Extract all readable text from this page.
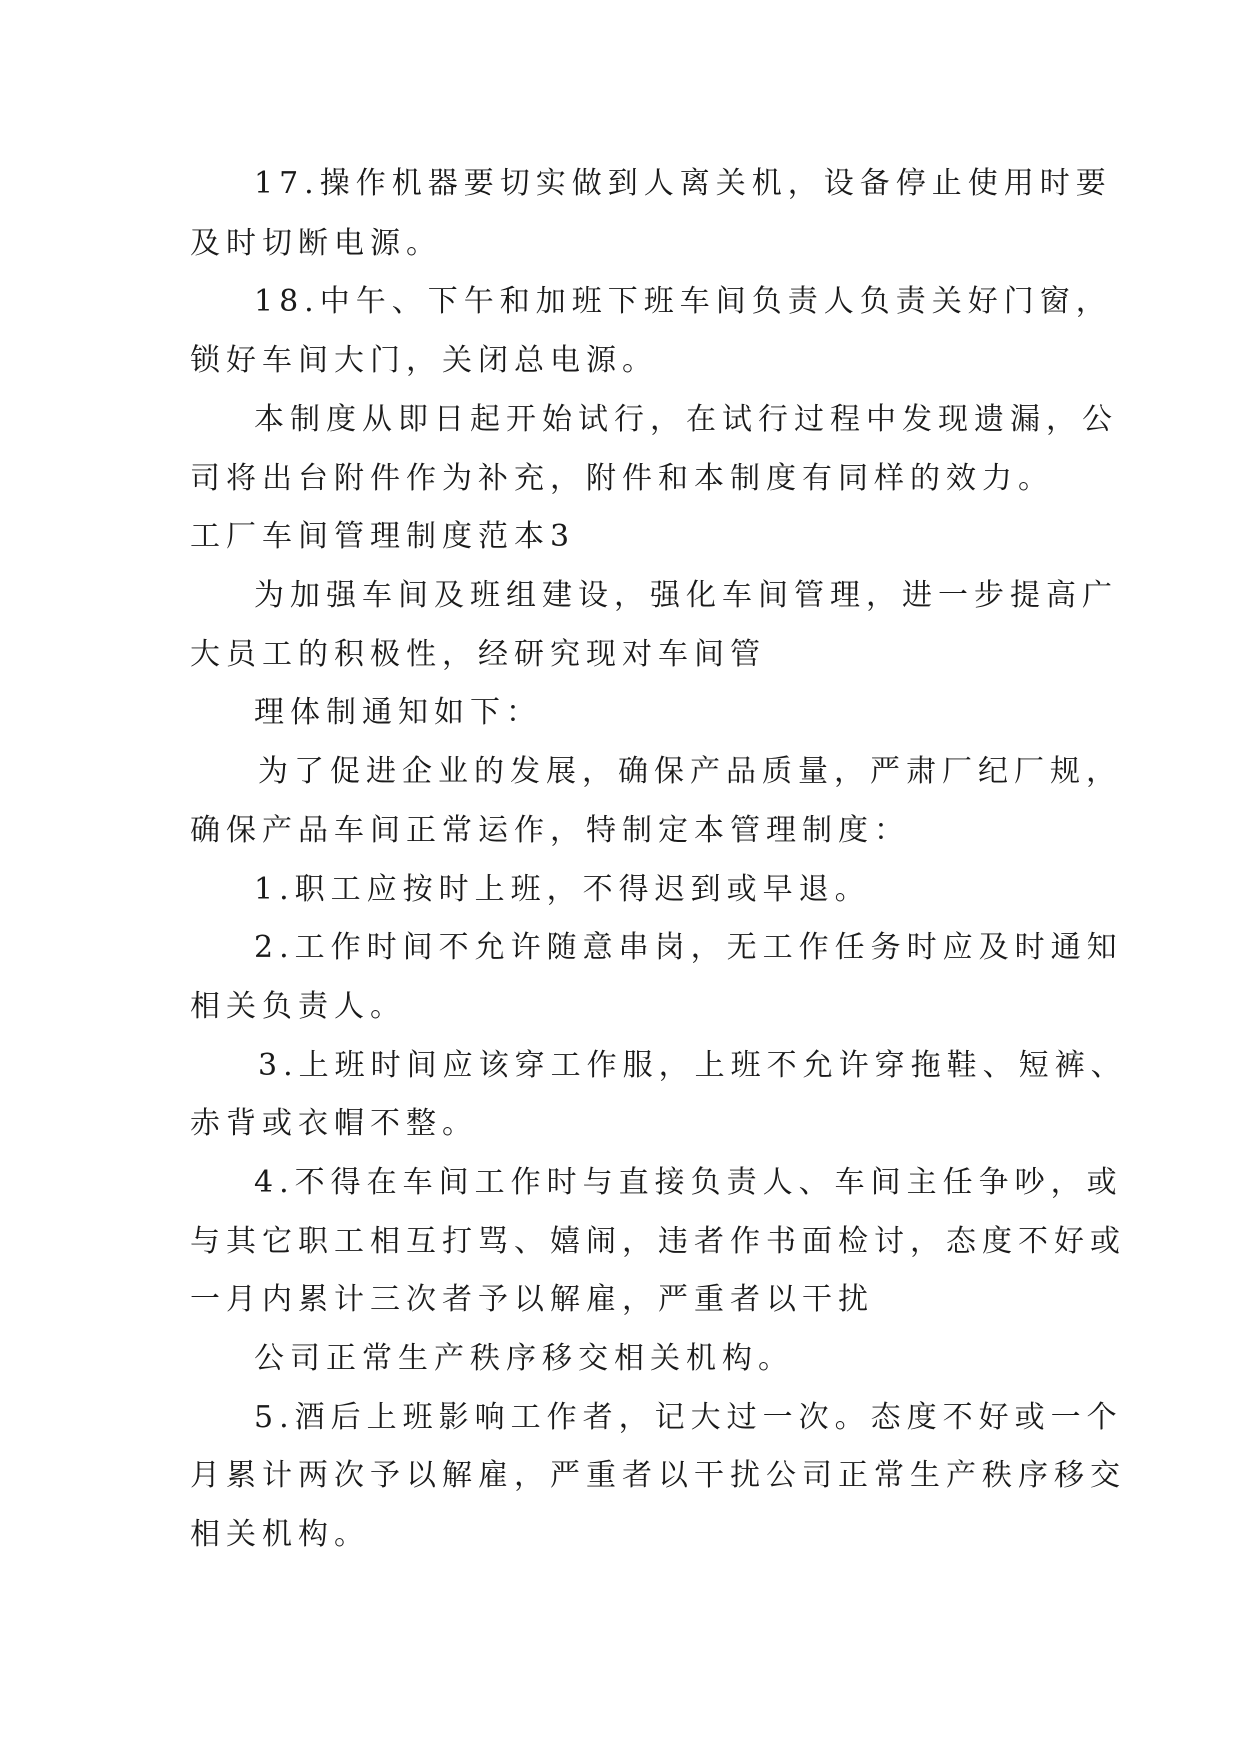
17.操作机器要切实做到人离关机，设备停止使用时要
及时切断电源。
18.中午、下午和加班下班车间负责人负责关好门窗，
锁好车间大门，关闭总电源。
本制度从即日起开始试行，在试行过程中发现遗漏，公
司将出台附件作为补充，附件和本制度有同样的效力。
工厂车间管理制度范本3
为加强车间及班组建设，强化车间管理，进一步提高广
大员工的积极性，经研究现对车间管
理体制通知如下：
为了促进企业的发展，确保产品质量，严肃厂纪厂规，
确保产品车间正常运作，特制定本管理制度：
1.职工应按时上班，不得迟到或早退。
2.工作时间不允许随意串岗，无工作任务时应及时通知
相关负责人。
3.上班时间应该穿工作服，上班不允许穿拖鞋、短裤、
赤背或衣帽不整。
4.不得在车间工作时与直接负责人、车间主任争吵，或
与其它职工相互打骂、嬉闹，违者作书面检讨，态度不好或
一月内累计三次者予以解雇，严重者以干扰
公司正常生产秩序移交相关机构。
5.酒后上班影响工作者，记大过一次。态度不好或一个
月累计两次予以解雇，严重者以干扰公司正常生产秩序移交
相关机构。
